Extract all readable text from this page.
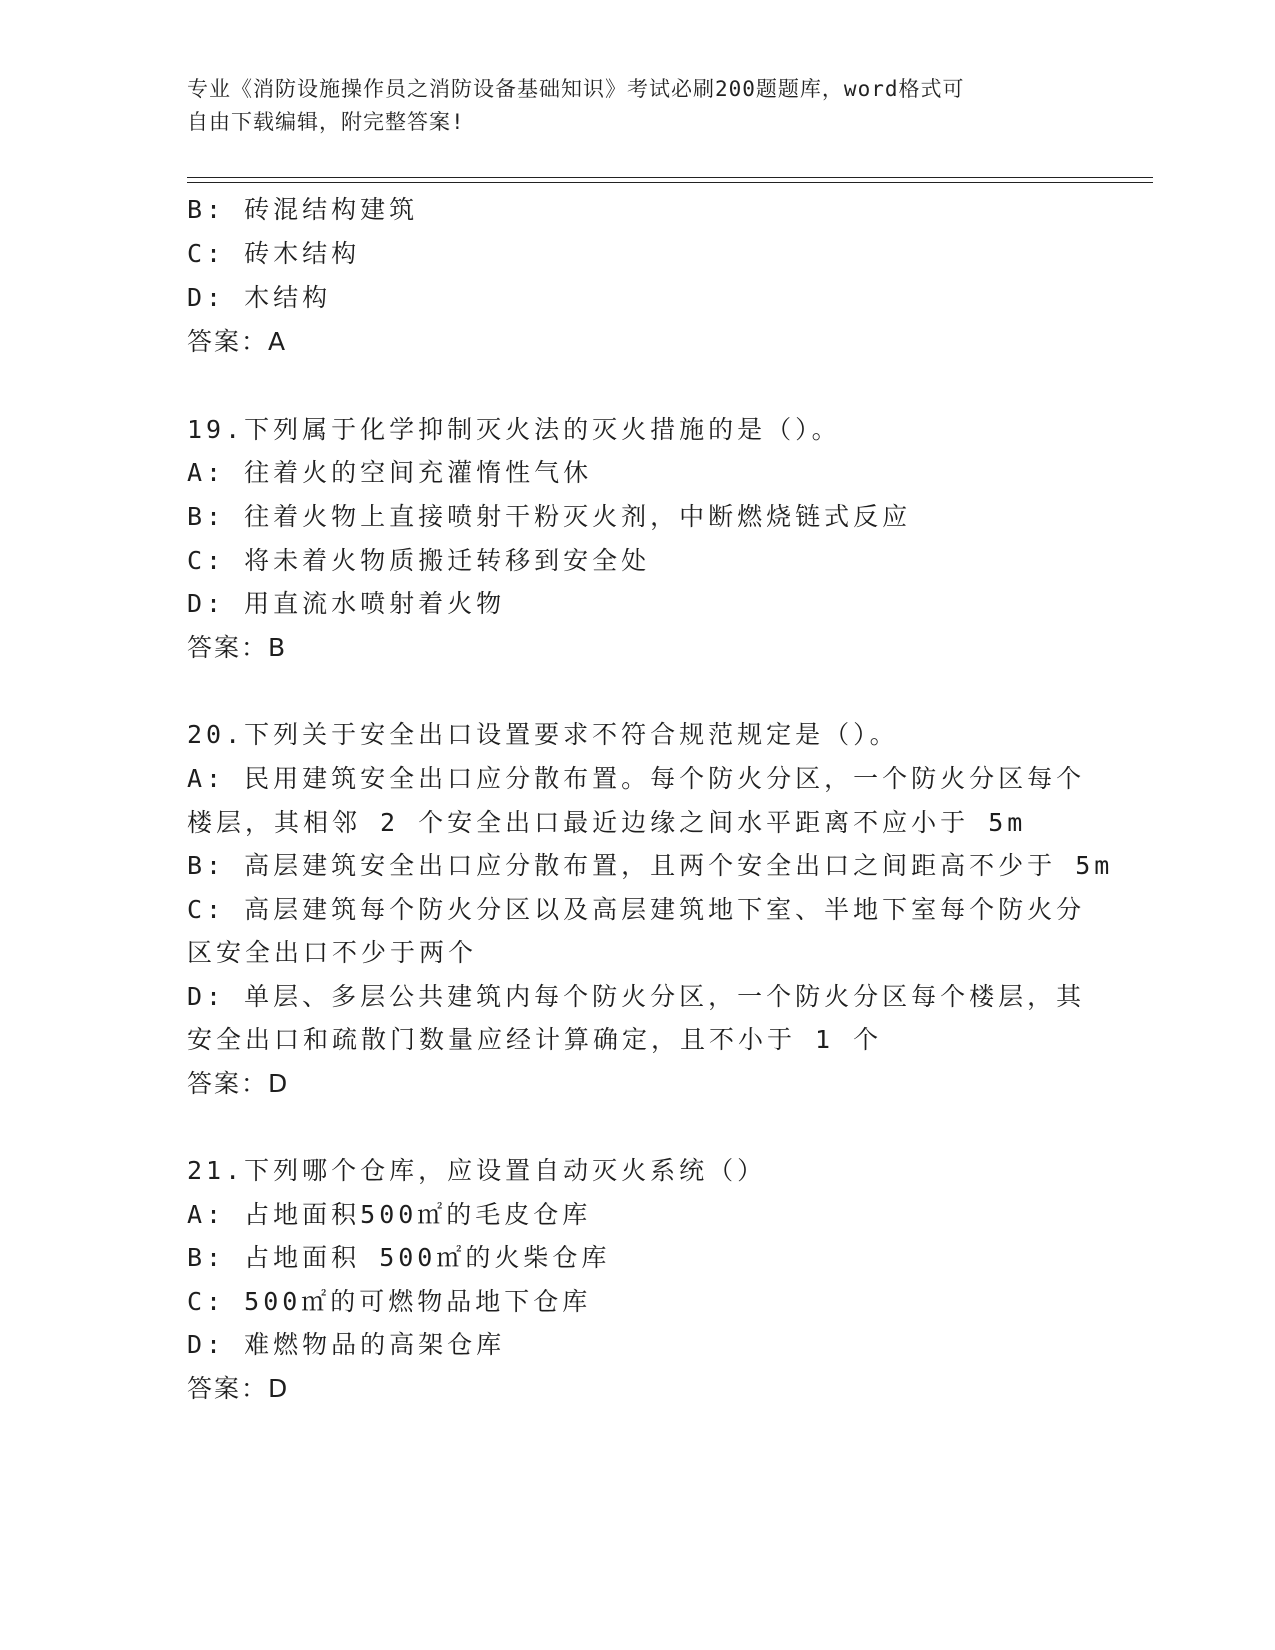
专业《消防设施操作员之消防设备基础知识》考试必刷200题题库，word格式可
自由下载编辑，附完整答案!
B: 砖混结构建筑
C: 砖木结构
D: 木结构
答案：A
19.下列属于化学抑制灭火法的灭火措施的是（）。
A: 往着火的空间充灌惰性气休
B: 往着火物上直接喷射干粉灭火剂，中断燃烧链式反应
C: 将未着火物质搬迁转移到安全处
D: 用直流水喷射着火物
答案：B
20.下列关于安全出口设置要求不符合规范规定是（）。
A: 民用建筑安全出口应分散布置。每个防火分区，一个防火分区每个
楼层，其相邻 2 个安全出口最近边缘之间水平距离不应小于 5m
B: 高层建筑安全出口应分散布置，且两个安全出口之间距高不少于 5m
C: 高层建筑每个防火分区以及高层建筑地下室、半地下室每个防火分
区安全出口不少于两个
D: 单层、多层公共建筑内每个防火分区，一个防火分区每个楼层，其
安全出口和疏散门数量应经计算确定，且不小于 1 个
答案：D
21.下列哪个仓库，应设置自动灭火系统（）
A: 占地面积500㎡的毛皮仓库
B: 占地面积 500㎡的火柴仓库
C: 500㎡的可燃物品地下仓库
D: 难燃物品的高架仓库
答案：D
